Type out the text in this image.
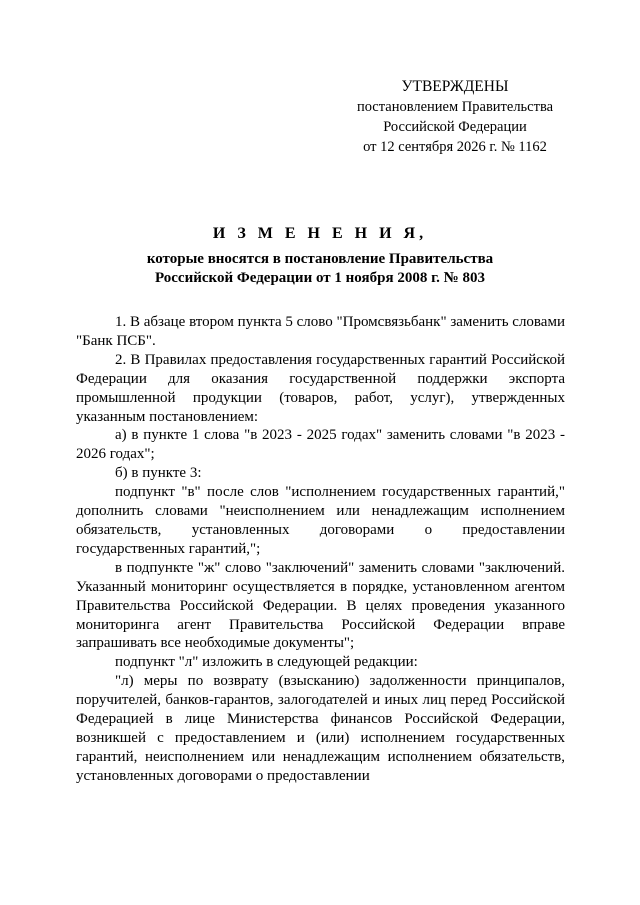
УТВЕРЖДЕНЫ
постановлением Правительства
Российской Федерации
от 12 сентября 2026 г. № 1162
И З М Е Н Е Н И Я,
которые вносятся в постановление Правительства
Российской Федерации от 1 ноября 2008 г. № 803

1. В абзаце втором пункта 5 слово "Промсвязьбанк" заменить словами "Банк ПСБ".

2. В Правилах предоставления государственных гарантий Российской Федерации для оказания государственной поддержки экспорта промышленной продукции (товаров, работ, услуг), утвержденных указанным постановлением:

а) в пункте 1 слова "в 2023 - 2025 годах" заменить словами "в 2023 - 2026 годах";

б) в пункте 3:

подпункт "в" после слов "исполнением государственных гарантий," дополнить словами "неисполнением или ненадлежащим исполнением обязательств, установленных договорами о предоставлении государственных гарантий,";

в подпункте "ж" слово "заключений" заменить словами "заключений. Указанный мониторинг осуществляется в порядке, установленном агентом Правительства Российской Федерации. В целях проведения указанного мониторинга агент Правительства Российской Федерации вправе запрашивать все необходимые документы";

подпункт "л" изложить в следующей редакции:

"л) меры по возврату (взысканию) задолженности принципалов, поручителей, банков-гарантов, залогодателей и иных лиц перед Российской Федерацией в лице Министерства финансов Российской Федерации, возникшей с предоставлением и (или) исполнением государственных гарантий, неисполнением или ненадлежащим исполнением обязательств, установленных договорами о предоставлении
